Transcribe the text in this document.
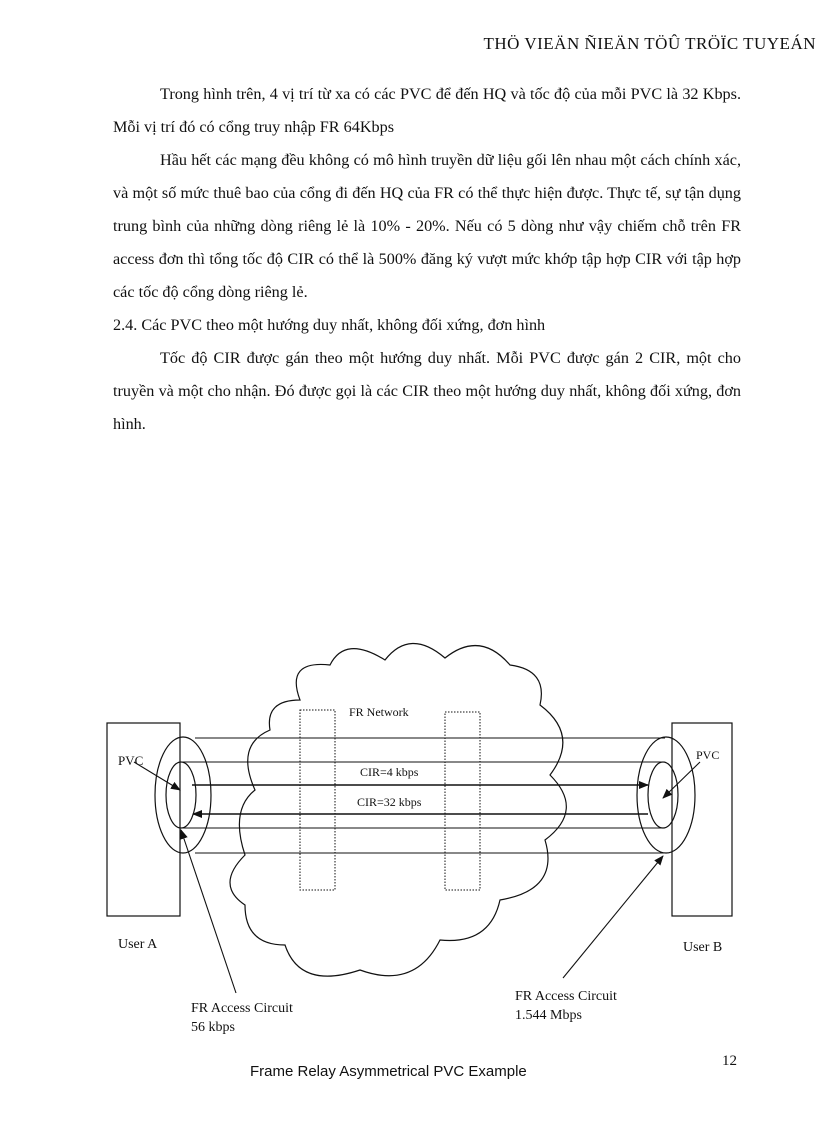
THÖ VIEÄN ÑIEÄN TÖÛ TRÖÏC TUYEÁN

Trong hình trên, 4 vị trí từ xa có các PVC để đến HQ và tốc độ của mỗi PVC là 32 Kbps. Mỗi vị trí đó có cổng truy nhập FR 64Kbps

Hầu hết các mạng đều không có mô hình truyền dữ liệu gối lên nhau một cách chính xác, và một số mức thuê bao của cổng đi đến HQ của FR có thể thực hiện được. Thực tế, sự tận dụng trung bình của những dòng riêng lẻ là 10% - 20%. Nếu có 5 dòng như vậy chiếm chỗ trên FR access đơn thì tổng tốc độ CIR có thể là 500% đăng ký vượt mức khớp tập hợp CIR với tập hợp các tốc độ cổng dòng riêng lẻ.

2.4. Các PVC theo một hướng duy nhất, không đối xứng, đơn hình

Tốc độ CIR được gán theo một hướng duy nhất. Mỗi PVC được gán 2 CIR, một cho truyền và một cho nhận. Đó được gọi là các CIR theo một hướng duy nhất, không đối xứng, đơn hình.

FR Network
PVC	PVC
CIR=4 kbps
CIR=32 kbps
User A	User B
FR Access Circuit
56 kbps
FR Access Circuit
1.544 Mbps
12
Frame Relay Asymmetrical PVC Example
